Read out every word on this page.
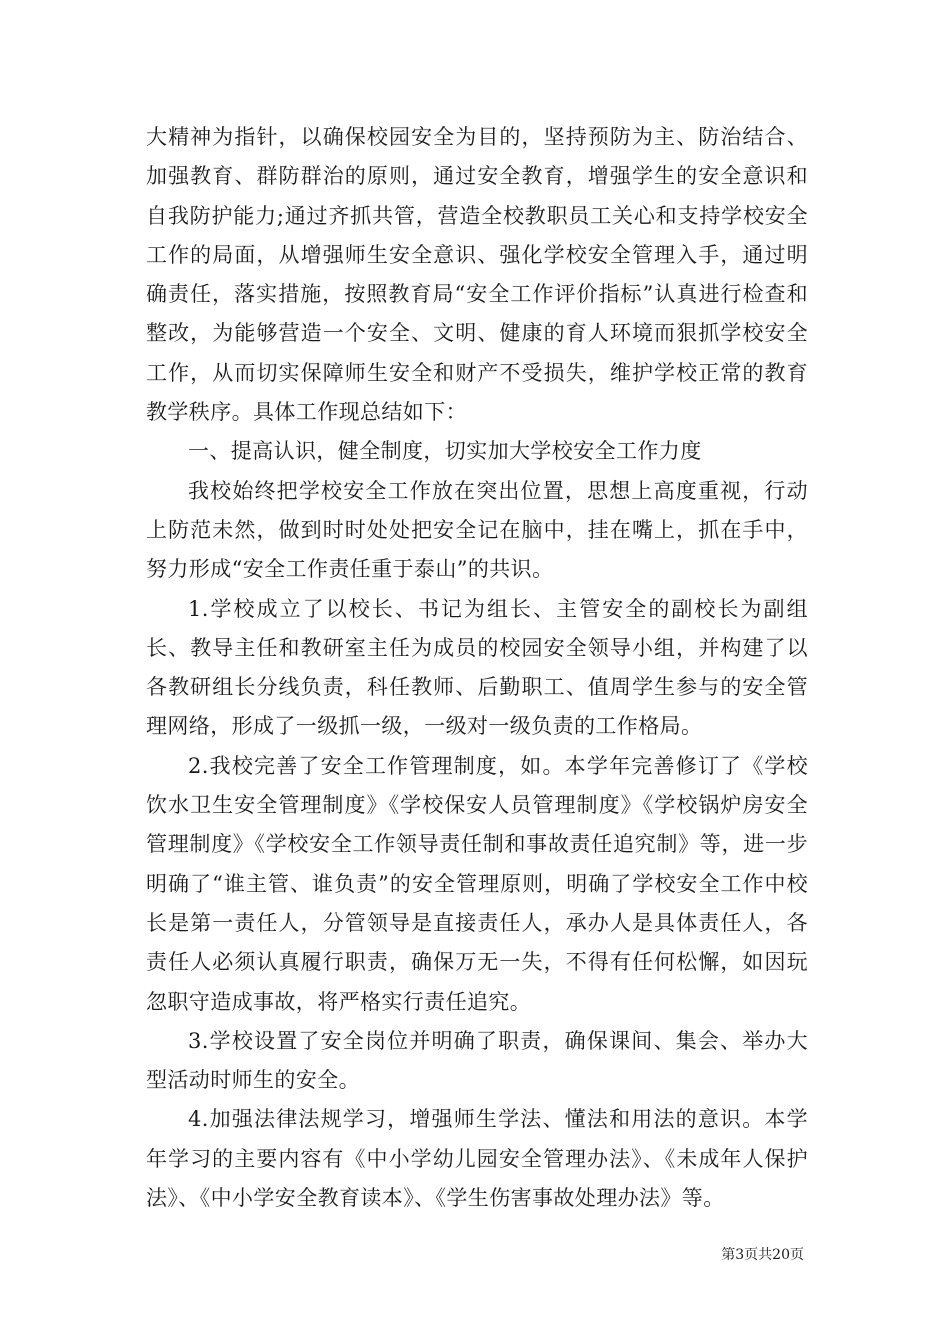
大精神为指针，以确保校园安全为目的，坚持预防为主、防治结合、加强教育、群防群治的原则，通过安全教育，增强学生的安全意识和自我防护能力;通过齐抓共管，营造全校教职员工关心和支持学校安全工作的局面，从增强师生安全意识、强化学校安全管理入手，通过明确责任，落实措施，按照教育局“安全工作评价指标”认真进行检查和整改，为能够营造一个安全、文明、健康的育人环境而狠抓学校安全工作，从而切实保障师生安全和财产不受损失，维护学校正常的教育教学秩序。具体工作现总结如下：

一、提高认识，健全制度，切实加大学校安全工作力度

我校始终把学校安全工作放在突出位置，思想上高度重视，行动上防范未然，做到时时处处把安全记在脑中，挂在嘴上，抓在手中，努力形成“安全工作责任重于泰山”的共识。

1.学校成立了以校长、书记为组长、主管安全的副校长为副组长、教导主任和教研室主任为成员的校园安全领导小组，并构建了以各教研组长分线负责，科任教师、后勤职工、值周学生参与的安全管理网络，形成了一级抓一级，一级对一级负责的工作格局。

2.我校完善了安全工作管理制度，如。本学年完善修订了《学校饮水卫生安全管理制度》《学校保安人员管理制度》《学校锅炉房安全管理制度》《学校安全工作领导责任制和事故责任追究制》等，进一步明确了“谁主管、谁负责”的安全管理原则，明确了学校安全工作中校长是第一责任人，分管领导是直接责任人，承办人是具体责任人，各责任人必须认真履行职责，确保万无一失，不得有任何松懈，如因玩忽职守造成事故，将严格实行责任追究。

3.学校设置了安全岗位并明确了职责，确保课间、集会、举办大型活动时师生的安全。

4.加强法律法规学习，增强师生学法、懂法和用法的意识。本学年学习的主要内容有《中小学幼儿园安全管理办法》、《未成年人保护法》、《中小学安全教育读本》、《学生伤害事故处理办法》等。

第3页共20页
